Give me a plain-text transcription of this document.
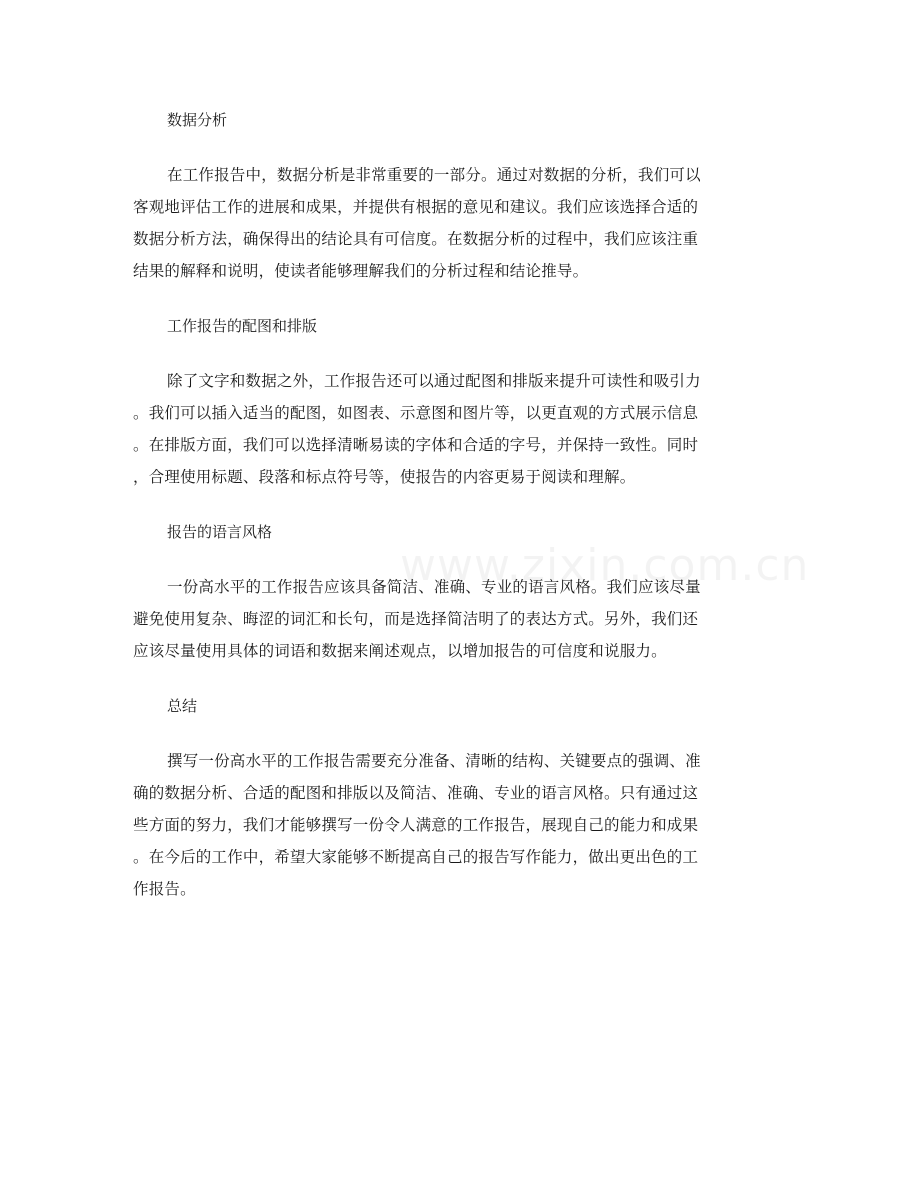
数据分析
在工作报告中，数据分析是非常重要的一部分。通过对数据的分析，我们可以
客观地评估工作的进展和成果，并提供有根据的意见和建议。我们应该选择合适的
数据分析方法，确保得出的结论具有可信度。在数据分析的过程中，我们应该注重
结果的解释和说明，使读者能够理解我们的分析过程和结论推导。
工作报告的配图和排版
除了文字和数据之外，工作报告还可以通过配图和排版来提升可读性和吸引力
。我们可以插入适当的配图，如图表、示意图和图片等，以更直观的方式展示信息
。在排版方面，我们可以选择清晰易读的字体和合适的字号，并保持一致性。同时
，合理使用标题、段落和标点符号等，使报告的内容更易于阅读和理解。
报告的语言风格
一份高水平的工作报告应该具备简洁、准确、专业的语言风格。我们应该尽量
避免使用复杂、晦涩的词汇和长句，而是选择简洁明了的表达方式。另外，我们还
应该尽量使用具体的词语和数据来阐述观点，以增加报告的可信度和说服力。
总结
撰写一份高水平的工作报告需要充分准备、清晰的结构、关键要点的强调、准
确的数据分析、合适的配图和排版以及简洁、准确、专业的语言风格。只有通过这
些方面的努力，我们才能够撰写一份令人满意的工作报告，展现自己的能力和成果
。在今后的工作中，希望大家能够不断提高自己的报告写作能力，做出更出色的工
作报告。
